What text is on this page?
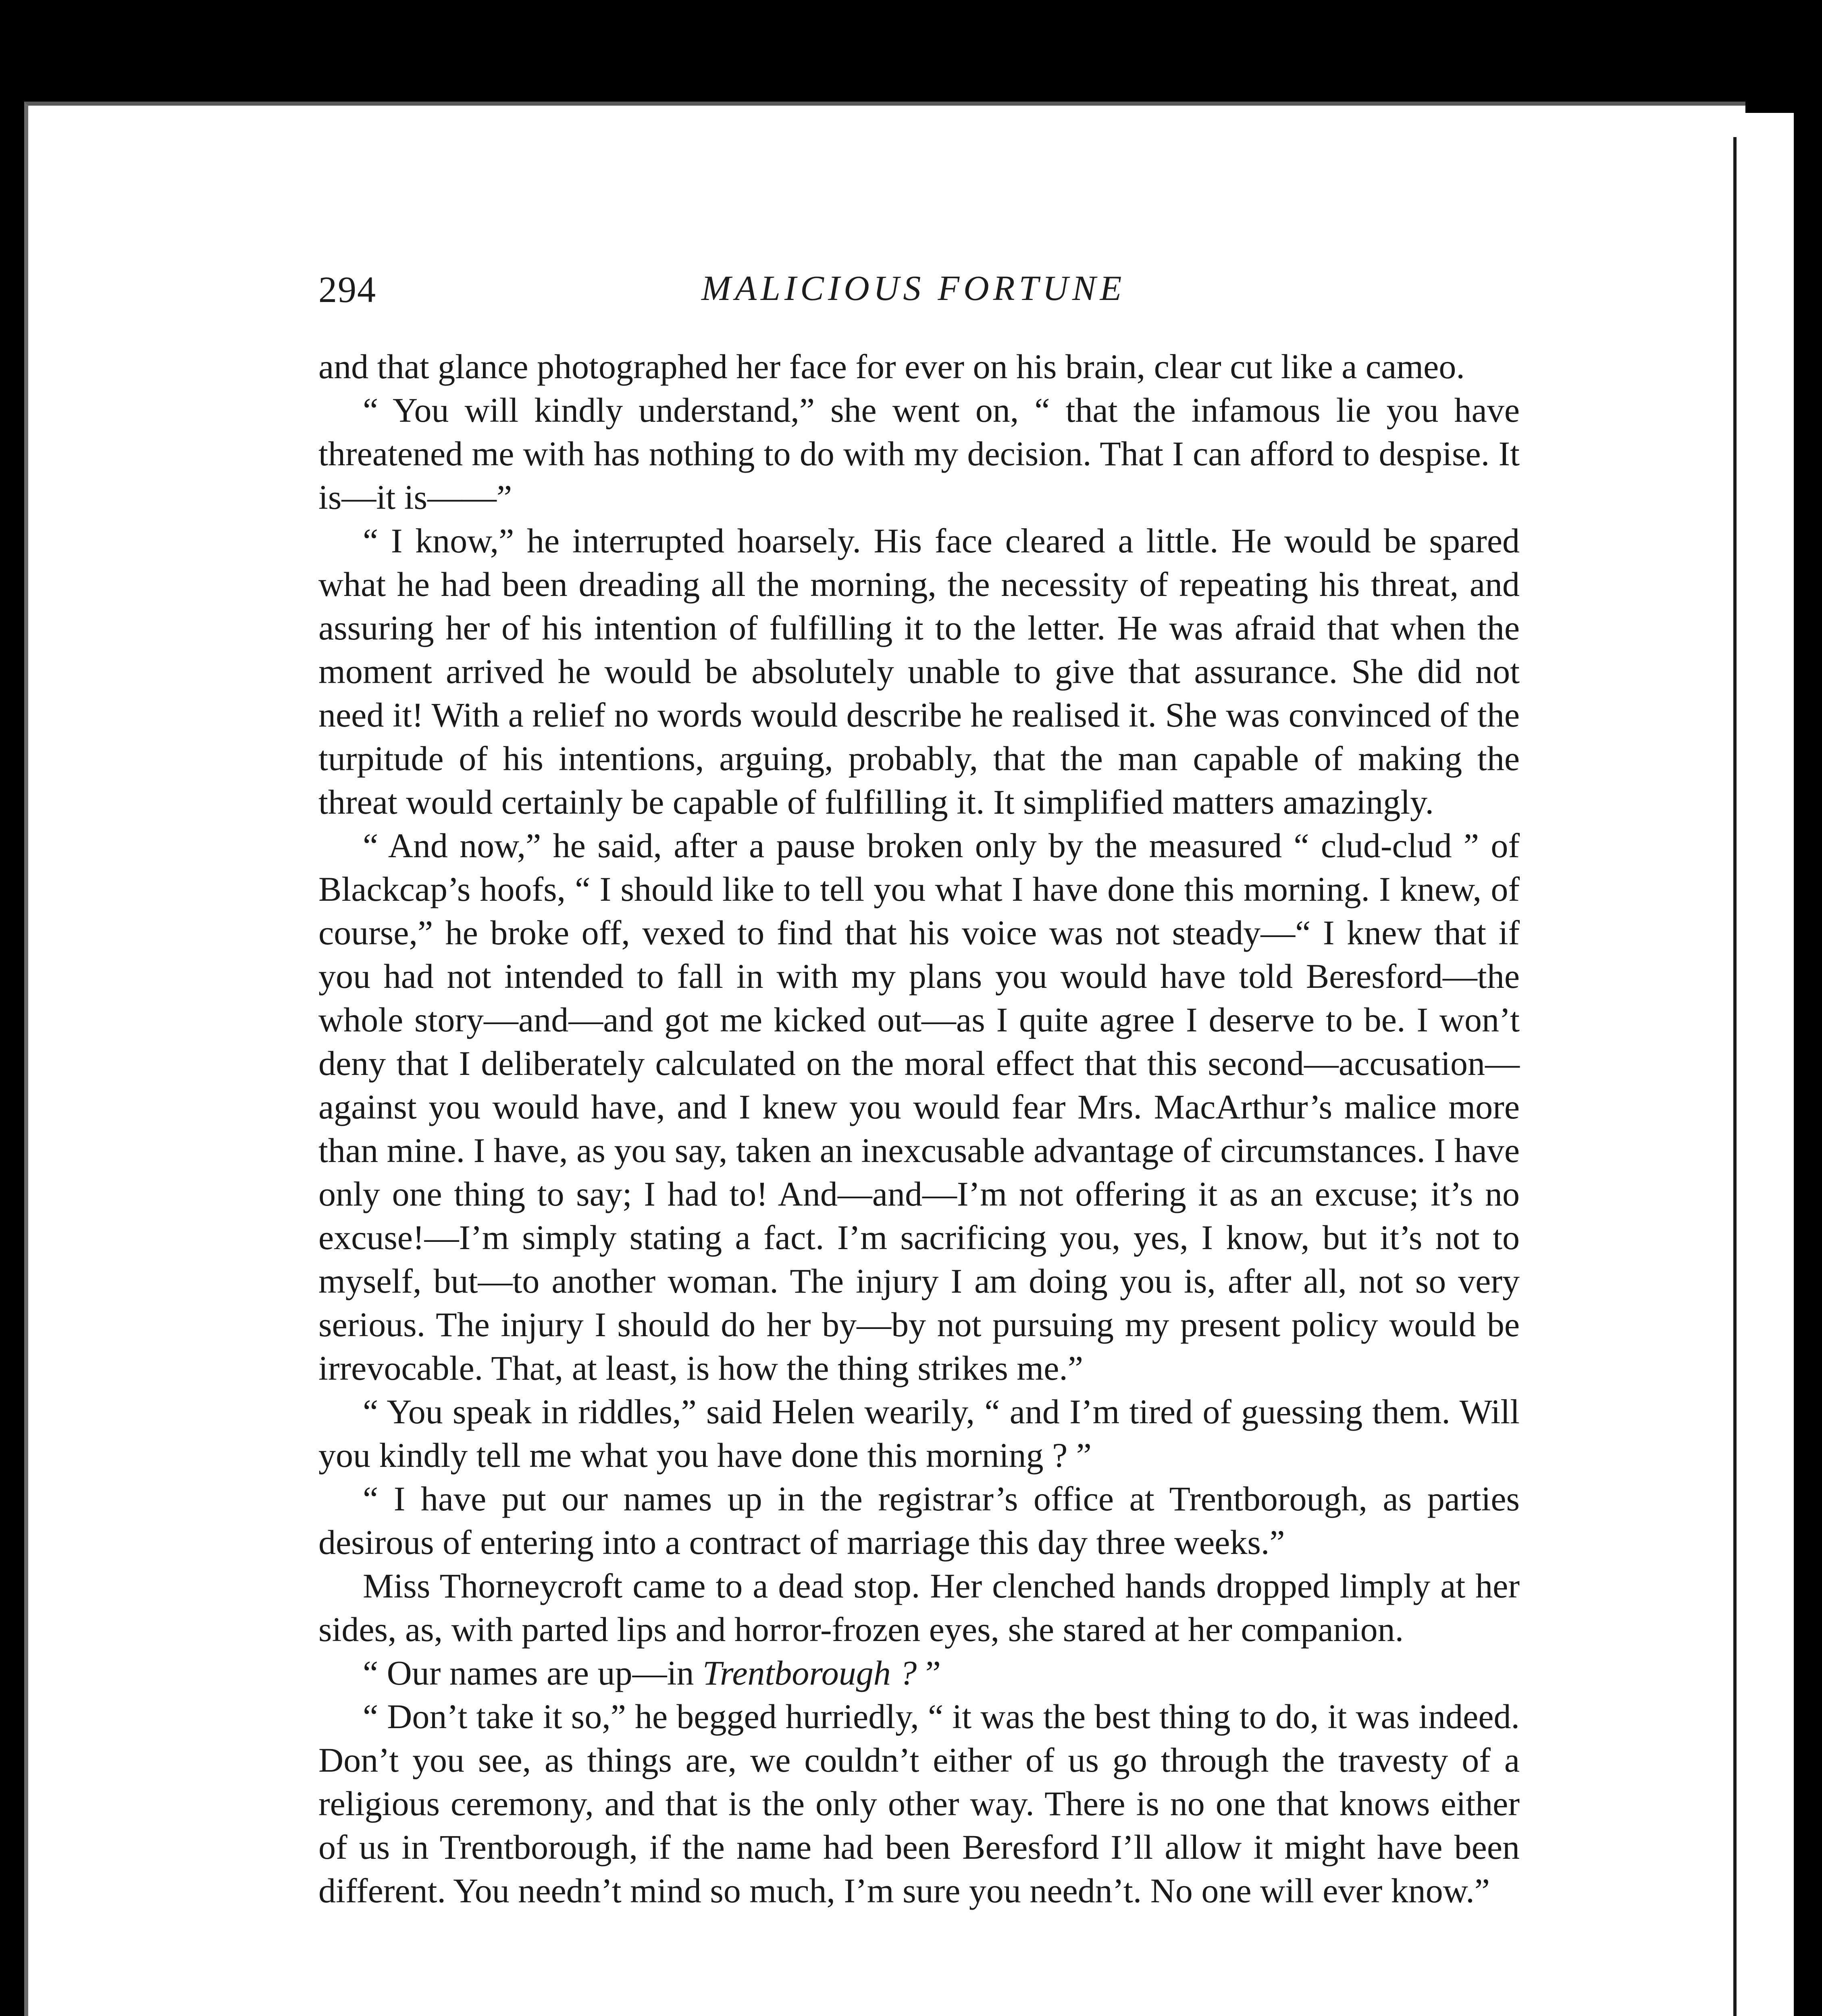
294	MALICIOUS FORTUNE

and that glance photographed her face for ever on his brain, clear cut like a cameo.

“ You will kindly understand,” she went on, “ that the infamous lie you have threatened me with has nothing to do with my decision. That I can afford to despise. It is—it is——”

“ I know,” he interrupted hoarsely. His face cleared a little. He would be spared what he had been dreading all the morning, the necessity of repeating his threat, and assuring her of his intention of fulfilling it to the letter. He was afraid that when the moment arrived he would be absolutely unable to give that assurance. She did not need it! With a relief no words would describe he realised it. She was convinced of the turpitude of his intentions, arguing, probably, that the man capable of making the threat would certainly be capable of fulfilling it. It simplified matters amazingly.

“ And now,” he said, after a pause broken only by the measured “ clud-clud ” of Blackcap’s hoofs, “ I should like to tell you what I have done this morning. I knew, of course,” he broke off, vexed to find that his voice was not steady—“ I knew that if you had not intended to fall in with my plans you would have told Beresford—the whole story—and—and got me kicked out—as I quite agree I deserve to be. I won’t deny that I deliberately calculated on the moral effect that this second—accusation—against you would have, and I knew you would fear Mrs. MacArthur’s malice more than mine. I have, as you say, taken an inexcusable advantage of circumstances. I have only one thing to say; I had to! And—and—I’m not offering it as an excuse; it’s no excuse!—I’m simply stating a fact. I’m sacrificing you, yes, I know, but it’s not to myself, but—to another woman. The injury I am doing you is, after all, not so very serious. The injury I should do her by—by not pursuing my present policy would be irrevocable. That, at least, is how the thing strikes me.”

“ You speak in riddles,” said Helen wearily, “ and I’m tired of guessing them. Will you kindly tell me what you have done this morning ? ”

“ I have put our names up in the registrar’s office at Trentborough, as parties desirous of entering into a contract of marriage this day three weeks.”

Miss Thorneycroft came to a dead stop. Her clenched hands dropped limply at her sides, as, with parted lips and horror-frozen eyes, she stared at her companion.

“ Our names are up—in Trentborough ? ”

“ Don’t take it so,” he begged hurriedly, “ it was the best thing to do, it was indeed. Don’t you see, as things are, we couldn’t either of us go through the travesty of a religious ceremony, and that is the only other way. There is no one that knows either of us in Trentborough, if the name had been Beresford I’ll allow it might have been different. You needn’t mind so much, I’m sure you needn’t. No one will ever know.”
